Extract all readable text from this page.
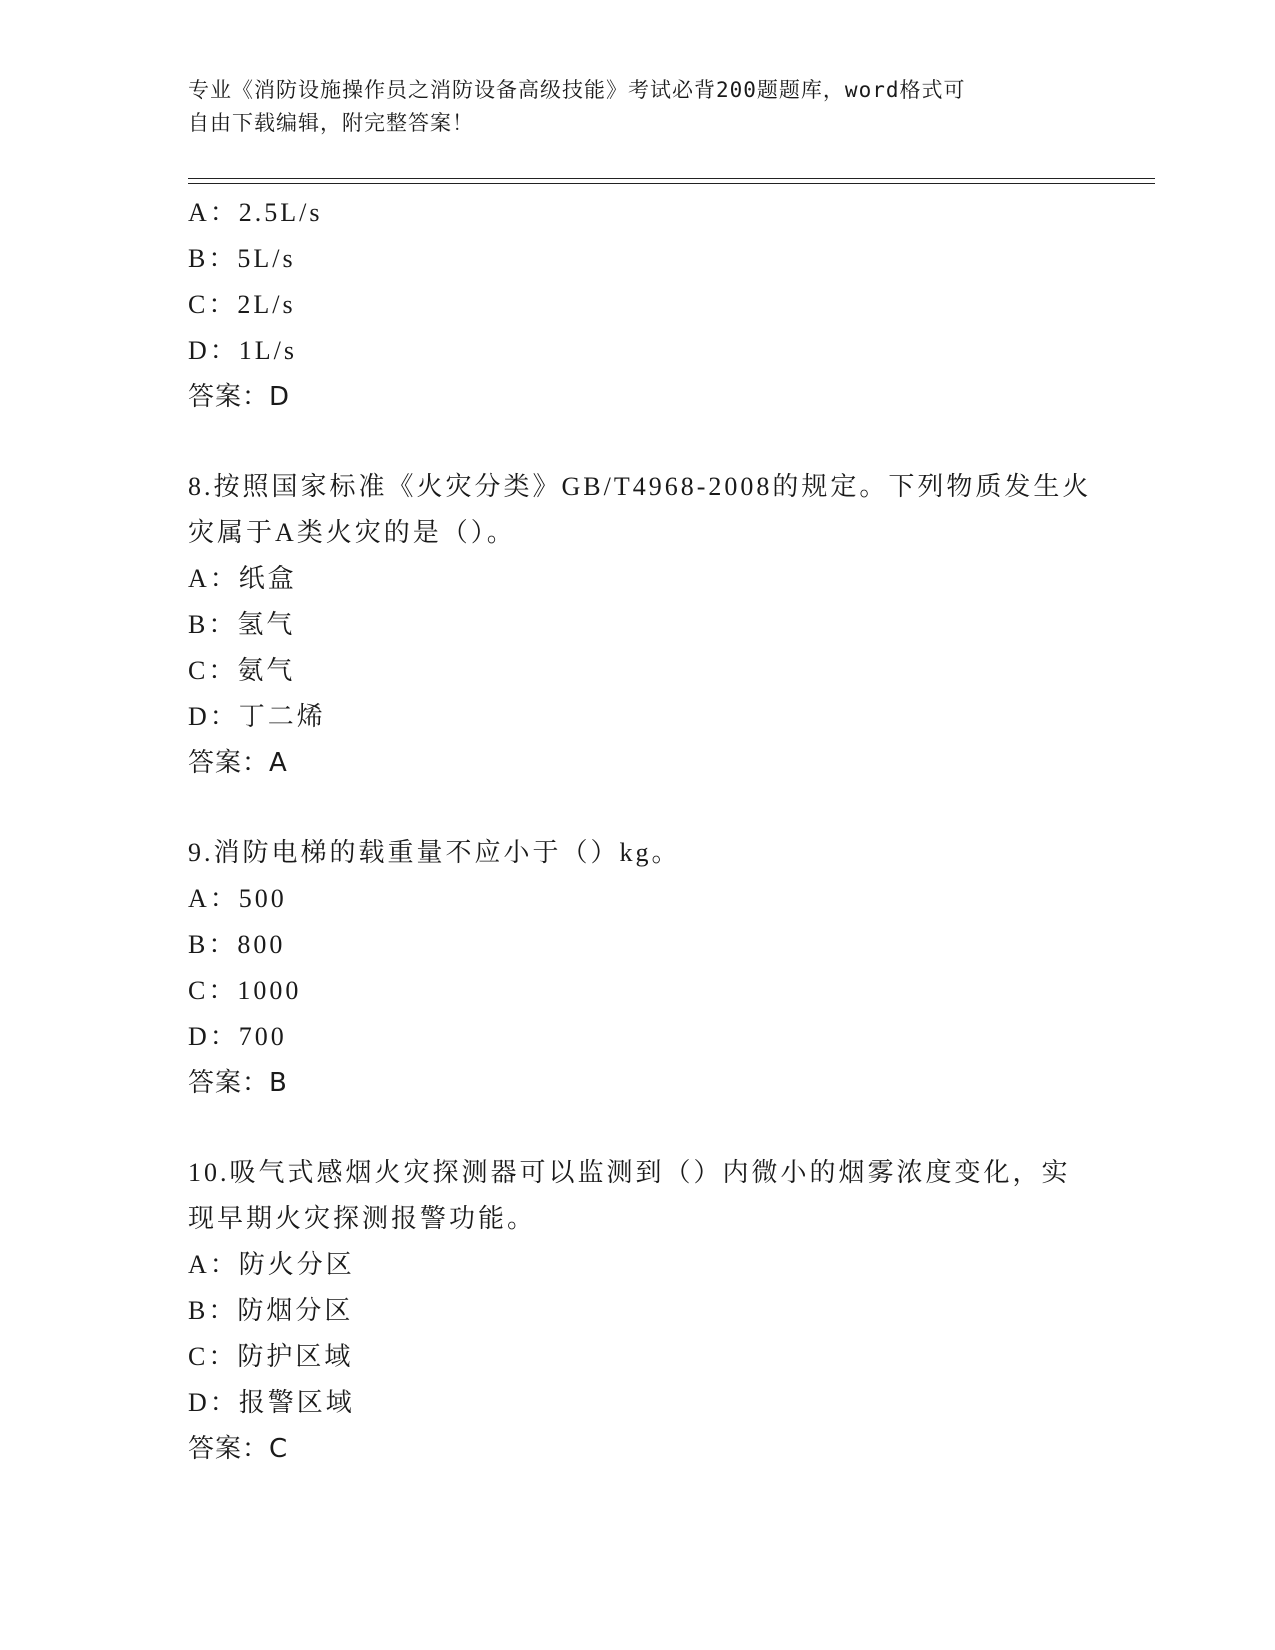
专业《消防设施操作员之消防设备高级技能》考试必背200题题库，word格式可
自由下载编辑，附完整答案！
A：2.5L/s
B：5L/s
C：2L/s
D：1L/s
答案：D
8.按照国家标准《火灾分类》GB/T4968-2008的规定。下列物质发生火
灾属于A类火灾的是（）。
A：纸盒
B：氢气
C：氨气
D：丁二烯
答案：A
9.消防电梯的载重量不应小于（）kg。
A：500
B：800
C：1000
D：700
答案：B
10.吸气式感烟火灾探测器可以监测到（）内微小的烟雾浓度变化，实
现早期火灾探测报警功能。
A：防火分区
B：防烟分区
C：防护区域
D：报警区域
答案：C
